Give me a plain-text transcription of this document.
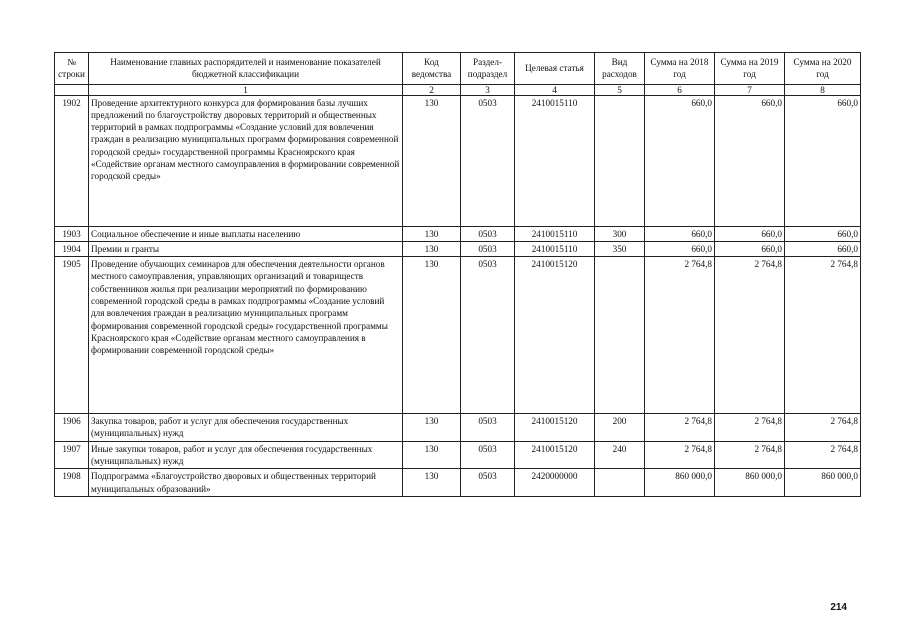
№ строки	Наименование главных распорядителей и наименование показателей бюджетной классификации	Код ведомства	Раздел-подраздел	Целевая статья	Вид расходов	Сумма на 2018 год	Сумма на 2019 год	Сумма на 2020 год
	1	2	3	4	5	6	7	8
1902	Проведение архитектурного конкурса для формирования базы лучших предложений по благоустройству дворовых территорий и общественных территорий в рамках подпрограммы «Создание условий для вовлечения граждан в реализацию муниципальных программ формирования современной городской среды» государственной программы Красноярского края «Содействие органам местного самоуправления в формировании современной городской среды»	130	0503	2410015110		660,0	660,0	660,0
1903	Социальное обеспечение и иные выплаты населению	130	0503	2410015110	300	660,0	660,0	660,0
1904	Премии и гранты	130	0503	2410015110	350	660,0	660,0	660,0
1905	Проведение обучающих семинаров для обеспечения деятельности органов местного самоуправления, управляющих организаций и товариществ собственников жилья при реализации мероприятий по формированию современной городской среды в рамках подпрограммы «Создание условий для вовлечения граждан в реализацию муниципальных программ формирования современной городской среды» государственной программы Красноярского края «Содействие органам местного самоуправления в формировании современной городской среды»	130	0503	2410015120		2 764,8	2 764,8	2 764,8
1906	Закупка товаров, работ и услуг для обеспечения государственных (муниципальных) нужд	130	0503	2410015120	200	2 764,8	2 764,8	2 764,8
1907	Иные закупки товаров, работ и услуг для обеспечения государственных (муниципальных) нужд	130	0503	2410015120	240	2 764,8	2 764,8	2 764,8
1908	Подпрограмма «Благоустройство дворовых и общественных территорий муниципальных образований»	130	0503	2420000000		860 000,0	860 000,0	860 000,0
214
